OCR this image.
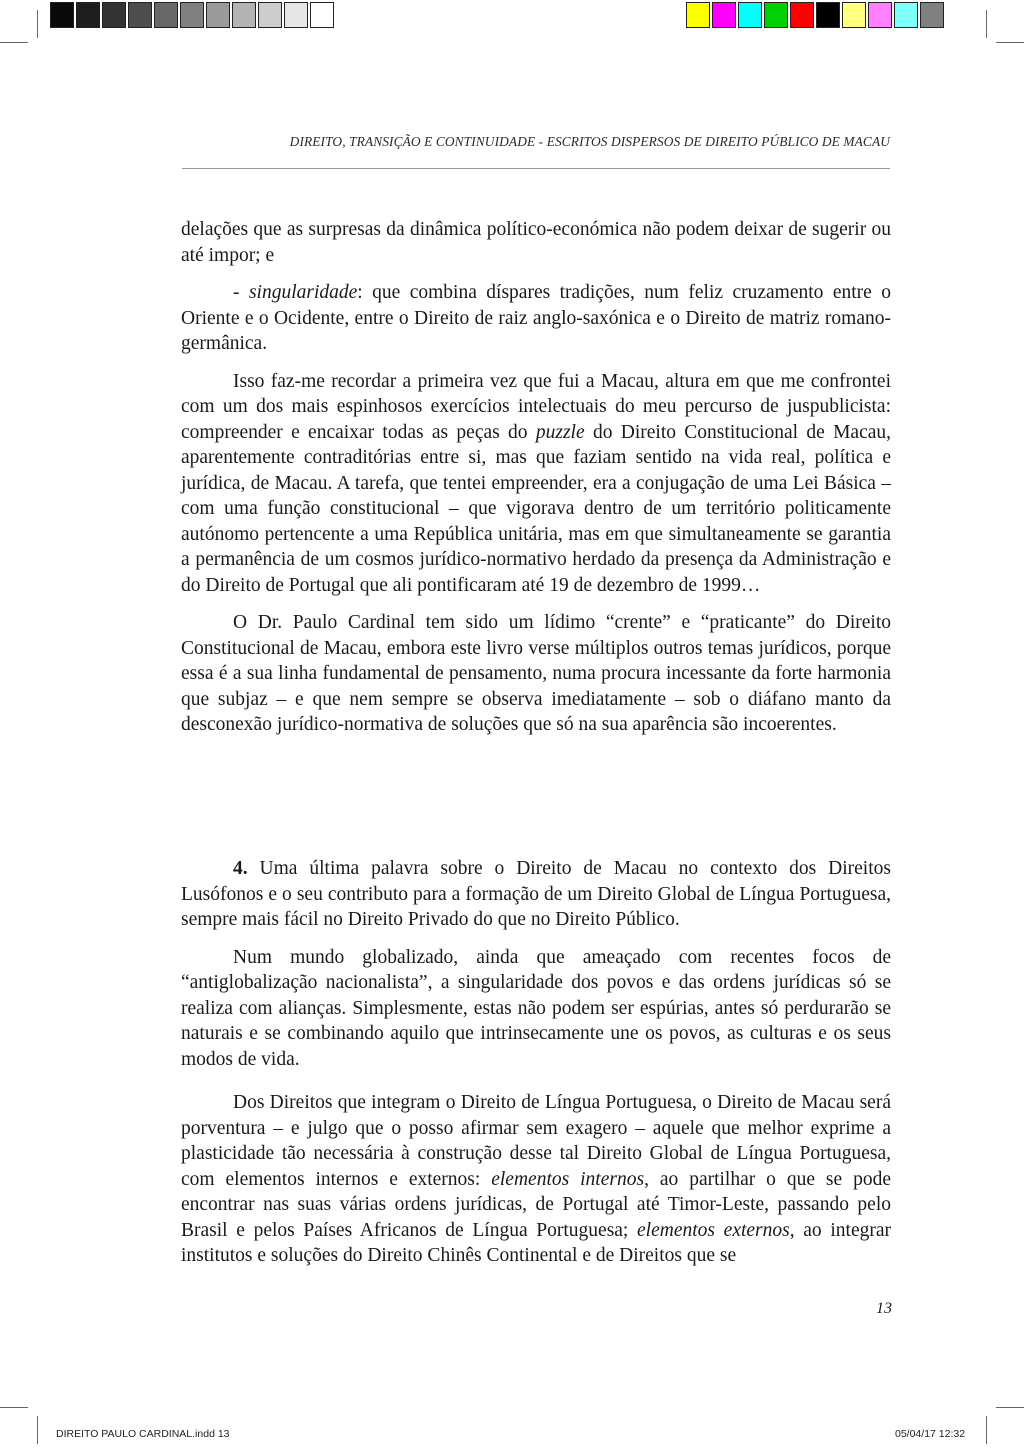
DIREITO, TRANSIÇÃO E CONTINUIDADE - ESCRITOS DISPERSOS DE DIREITO PÚBLICO DE MACAU

delações que as surpresas da dinâmica político-económica não podem deixar de sugerir ou até impor; e

- singularidade: que combina díspares tradições, num feliz cruzamento entre o Oriente e o Ocidente, entre o Direito de raiz anglo-saxónica e o Direito de matriz romano-germânica.

Isso faz-me recordar a primeira vez que fui a Macau, altura em que me confrontei com um dos mais espinhosos exercícios intelectuais do meu percurso de juspublicista: compreender e encaixar todas as peças do puzzle do Direito Constitucional de Macau, aparentemente contraditórias entre si, mas que faziam sentido na vida real, política e jurídica, de Macau. A tarefa, que tentei empreender, era a conjugação de uma Lei Básica – com uma função constitucional – que vigorava dentro de um território politicamente autónomo pertencente a uma República unitária, mas em que simultaneamente se garantia a permanência de um cosmos jurídico-normativo herdado da presença da Administração e do Direito de Portugal que ali pontificaram até 19 de dezembro de 1999…

O Dr. Paulo Cardinal tem sido um lídimo “crente” e “praticante” do Direito Constitucional de Macau, embora este livro verse múltiplos outros temas jurídicos, porque essa é a sua linha fundamental de pensamento, numa procura incessante da forte harmonia que subjaz – e que nem sempre se observa imediatamente – sob o diáfano manto da desconexão jurídico-normativa de soluções que só na sua aparência são incoerentes.

4. Uma última palavra sobre o Direito de Macau no contexto dos Direitos Lusófonos e o seu contributo para a formação de um Direito Global de Língua Portuguesa, sempre mais fácil no Direito Privado do que no Direito Público.

Num mundo globalizado, ainda que ameaçado com recentes focos de “antiglobalização nacionalista”, a singularidade dos povos e das ordens jurídicas só se realiza com alianças. Simplesmente, estas não podem ser espúrias, antes só perdurarão se naturais e se combinando aquilo que intrinsecamente une os povos, as culturas e os seus modos de vida.

Dos Direitos que integram o Direito de Língua Portuguesa, o Direito de Macau será porventura – e julgo que o posso afirmar sem exagero – aquele que melhor exprime a plasticidade tão necessária à construção desse tal Direito Global de Língua Portuguesa, com elementos internos e externos: elementos internos, ao partilhar o que se pode encontrar nas suas várias ordens jurídicas, de Portugal até Timor-Leste, passando pelo Brasil e pelos Países Africanos de Língua Portuguesa; elementos externos, ao integrar institutos e soluções do Direito Chinês Continental e de Direitos que se

13
DIREITO PAULO CARDINAL.indd 13	05/04/17 12:32
